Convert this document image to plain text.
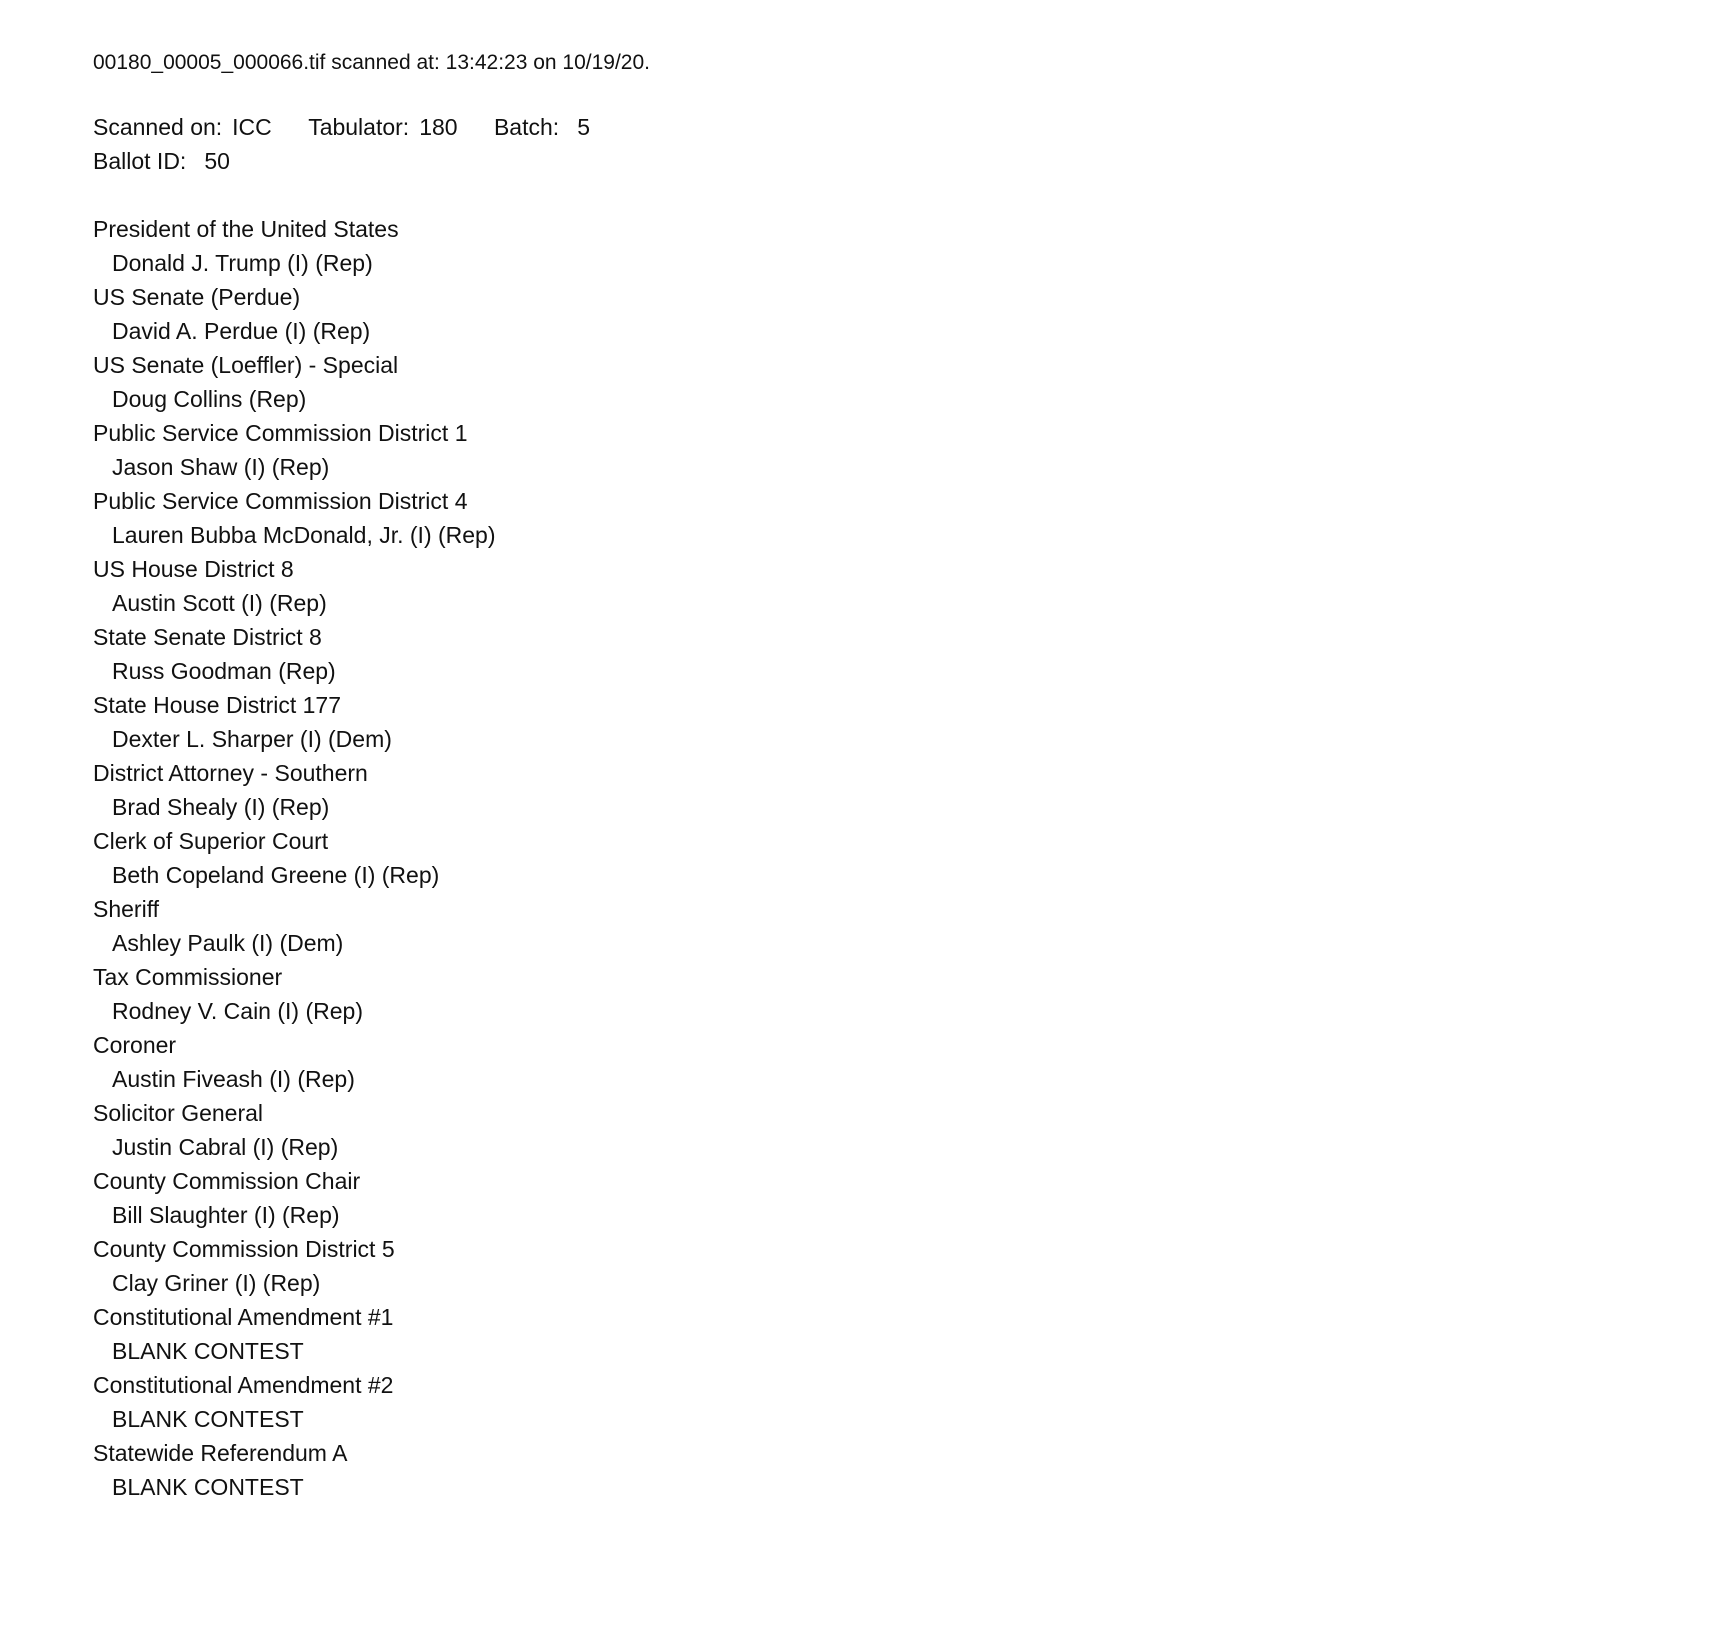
00180_00005_000066.tif scanned at: 13:42:23 on 10/19/20.
Scanned on: ICC Tabulator: 180 Batch: 5
Ballot ID: 50
President of the United States
Donald J. Trump (I) (Rep)
US Senate (Perdue)
David A. Perdue (I) (Rep)
US Senate (Loeffler) - Special
Doug Collins (Rep)
Public Service Commission District 1
Jason Shaw (I) (Rep)
Public Service Commission District 4
Lauren Bubba McDonald, Jr. (I) (Rep)
US House District 8
Austin Scott (I) (Rep)
State Senate District 8
Russ Goodman (Rep)
State House District 177
Dexter L. Sharper (I) (Dem)
District Attorney - Southern
Brad Shealy (I) (Rep)
Clerk of Superior Court
Beth Copeland Greene (I) (Rep)
Sheriff
Ashley Paulk (I) (Dem)
Tax Commissioner
Rodney V. Cain (I) (Rep)
Coroner
Austin Fiveash (I) (Rep)
Solicitor General
Justin Cabral (I) (Rep)
County Commission Chair
Bill Slaughter (I) (Rep)
County Commission District 5
Clay Griner (I) (Rep)
Constitutional Amendment #1
BLANK CONTEST
Constitutional Amendment #2
BLANK CONTEST
Statewide Referendum A
BLANK CONTEST
